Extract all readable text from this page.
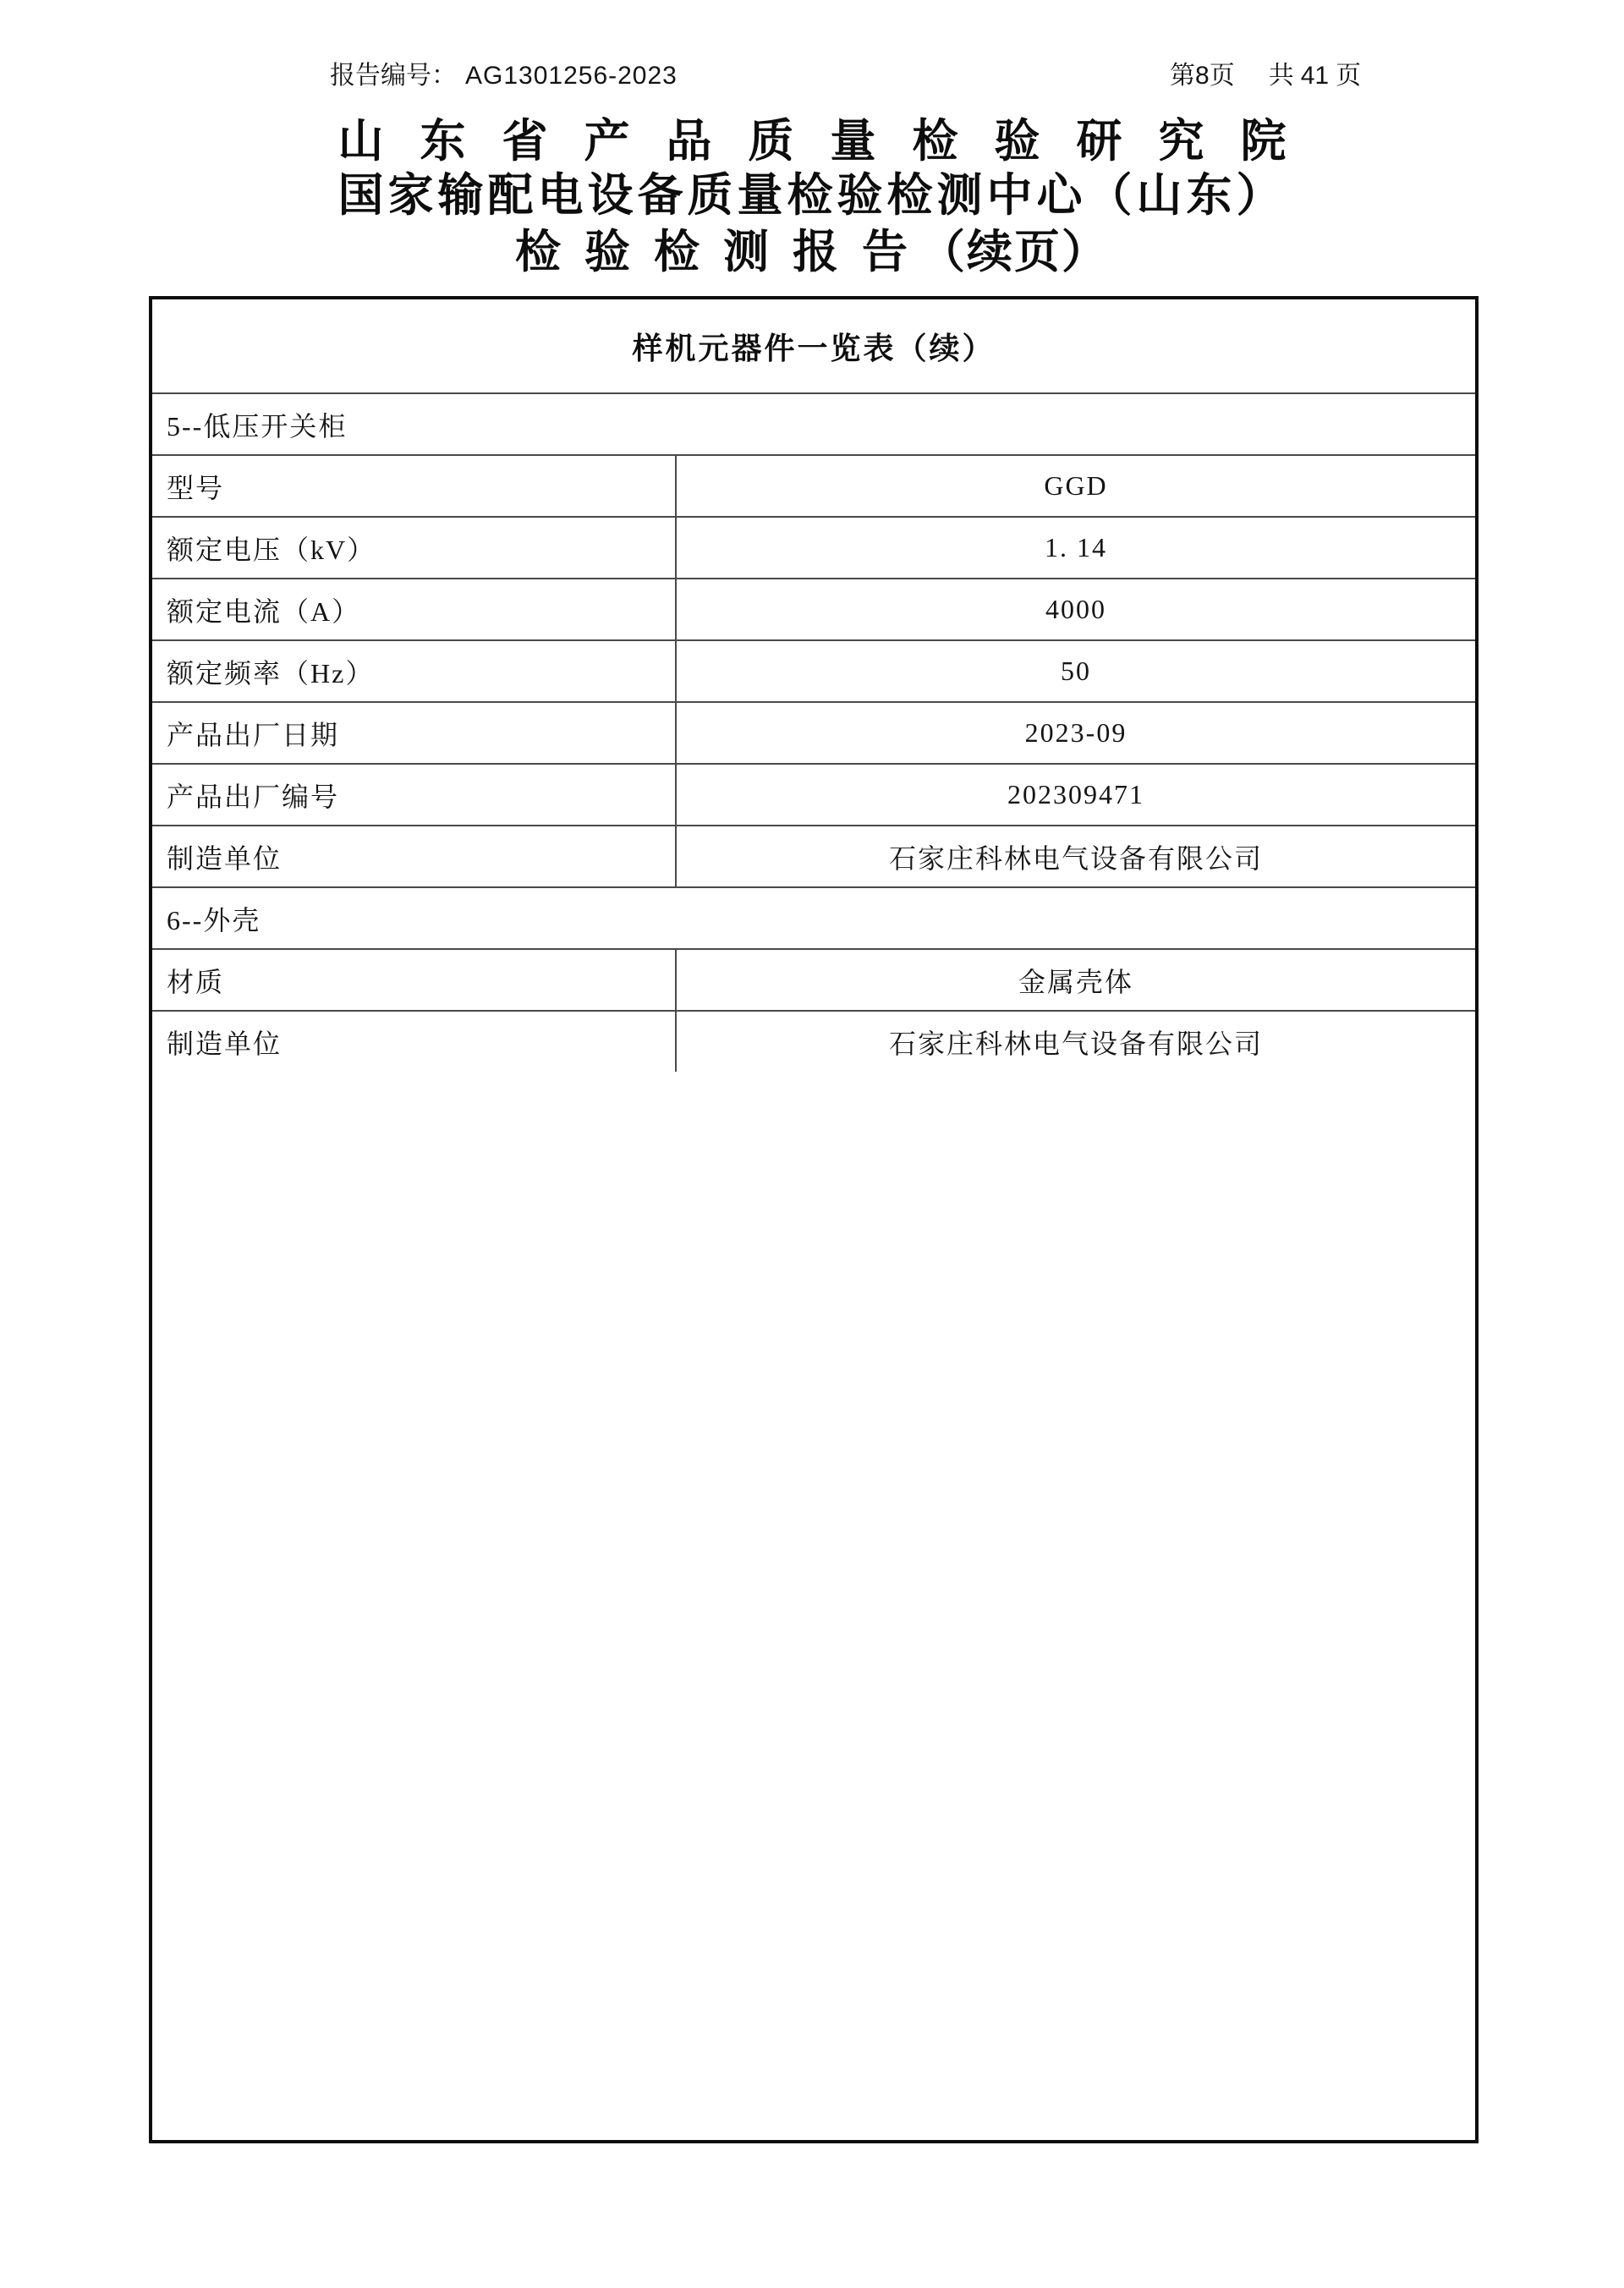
报告编号： AG1301256-2023	第8页 共 41 页
山东省产品质量检验研究院
国家输配电设备质量检验检测中心（山东）
检验检测报告（续页）
样机元器件一览表（续）
5--低压开关柜
型号	GGD
额定电压（kV）	1. 14
额定电流（A）	4000
额定频率（Hz）	50
产品出厂日期	2023-09
产品出厂编号	202309471
制造单位	石家庄科林电气设备有限公司
6--外壳
材质	金属壳体
制造单位	石家庄科林电气设备有限公司
